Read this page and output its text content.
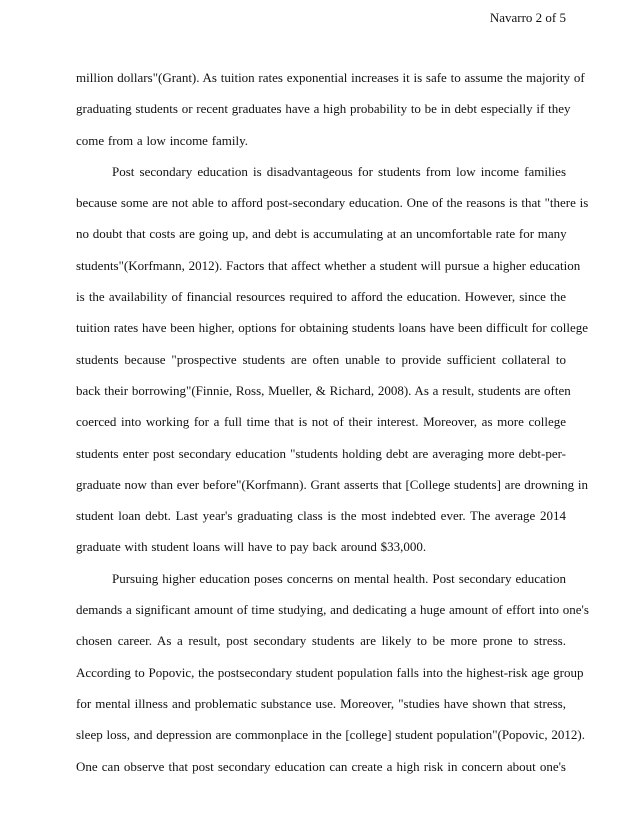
Navarro 2 of 5
million dollars"(Grant). As tuition rates exponential increases it is safe to assume the majority of
graduating students or recent graduates have a high probability to be in debt especially if they
come from a low income family.
Post secondary education is disadvantageous for students from low income families
because some are not able to afford post-secondary education. One of the reasons is that "there is
no doubt that costs are going up, and debt is accumulating at an uncomfortable rate for many
students"(Korfmann, 2012). Factors that affect whether a student will pursue a higher education
is the availability of financial resources required to afford the education. However, since the
tuition rates have been higher, options for obtaining students loans have been difficult for college
students because "prospective students are often unable to provide sufficient collateral to
back their borrowing"(Finnie, Ross, Mueller, & Richard, 2008). As a result, students are often
coerced into working for a full time that is not of their interest. Moreover, as more college
students enter post secondary education "students holding debt are averaging more debt-per-
graduate now than ever before"(Korfmann). Grant asserts that [College students] are drowning in
student loan debt. Last year's graduating class is the most indebted ever. The average 2014
graduate with student loans will have to pay back around $33,000.
Pursuing higher education poses concerns on mental health. Post secondary education
demands a significant amount of time studying, and dedicating a huge amount of effort into one's
chosen career. As a result, post secondary students are likely to be more prone to stress.
According to Popovic, the postsecondary student population falls into the highest-risk age group
for mental illness and problematic substance use. Moreover, "studies have shown that stress,
sleep loss, and depression are commonplace in the [college] student population"(Popovic, 2012).
One can observe that post secondary education can create a high risk in concern about one's
